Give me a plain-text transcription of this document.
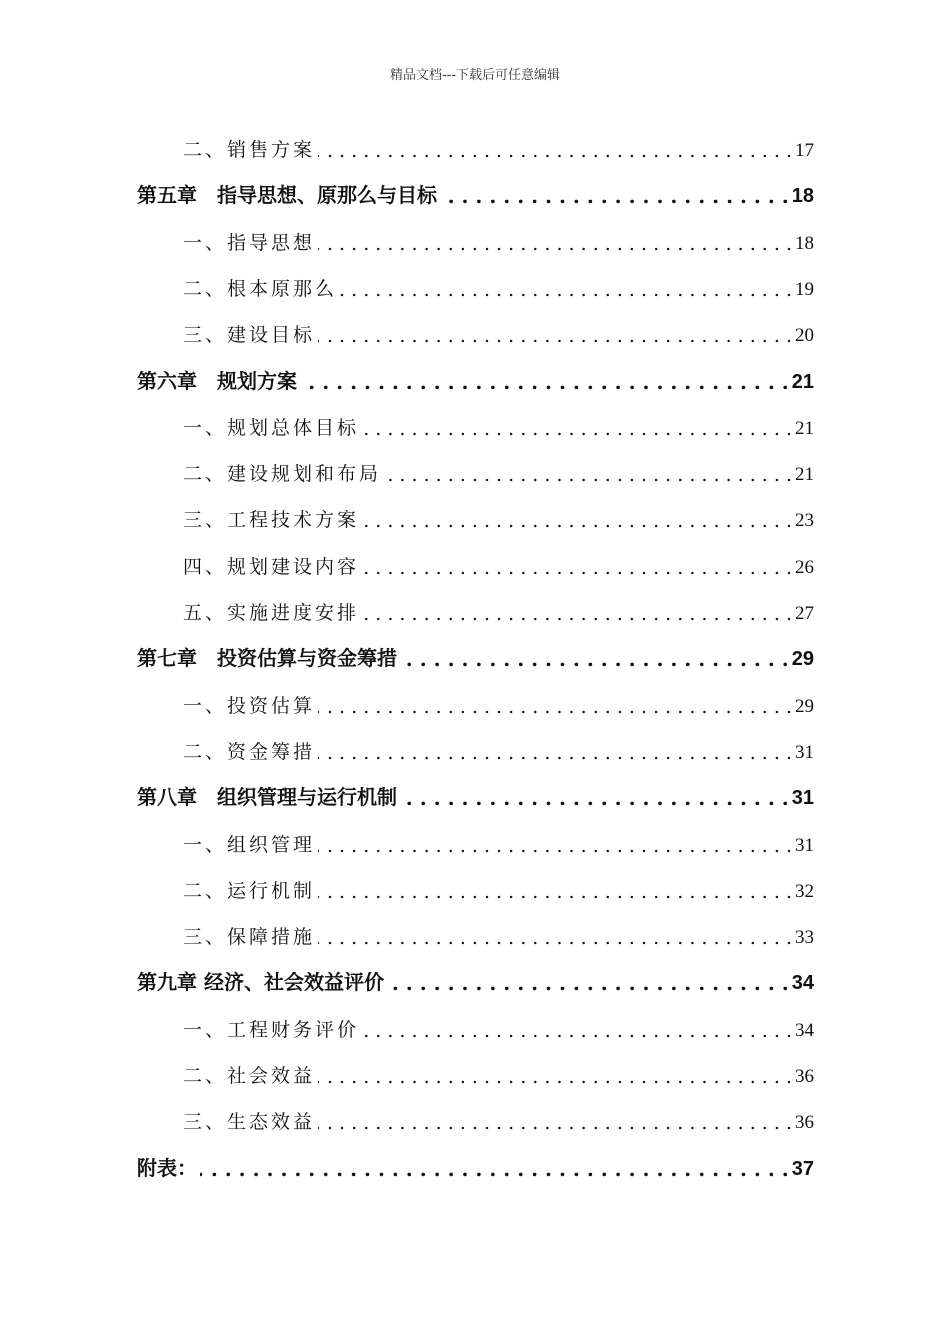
精品文档---下载后可任意编辑
二、销售方案 . . .	17
第五章　指导思想、原那么与目标 . . .	18
一、指导思想 . . .	18
二、根本原那么 . . .	19
三、建设目标 . . .	20
第六章　规划方案 . . .	21
一、规划总体目标 . . .	21
二、建设规划和布局 . . .	21
三、工程技术方案 . . .	23
四、规划建设内容 . . .	26
五、实施进度安排 . . .	27
第七章　投资估算与资金筹措 . . .	29
一、投资估算 . . .	29
二、资金筹措 . . .	31
第八章　组织管理与运行机制 . . .	31
一、组织管理 . . .	31
二、运行机制 . . .	32
三、保障措施 . . .	33
第九章 经济、社会效益评价 . . .	34
一、工程财务评价 . . .	34
二、社会效益 . . .	36
三、生态效益 . . .	36
附表： . . .	37
